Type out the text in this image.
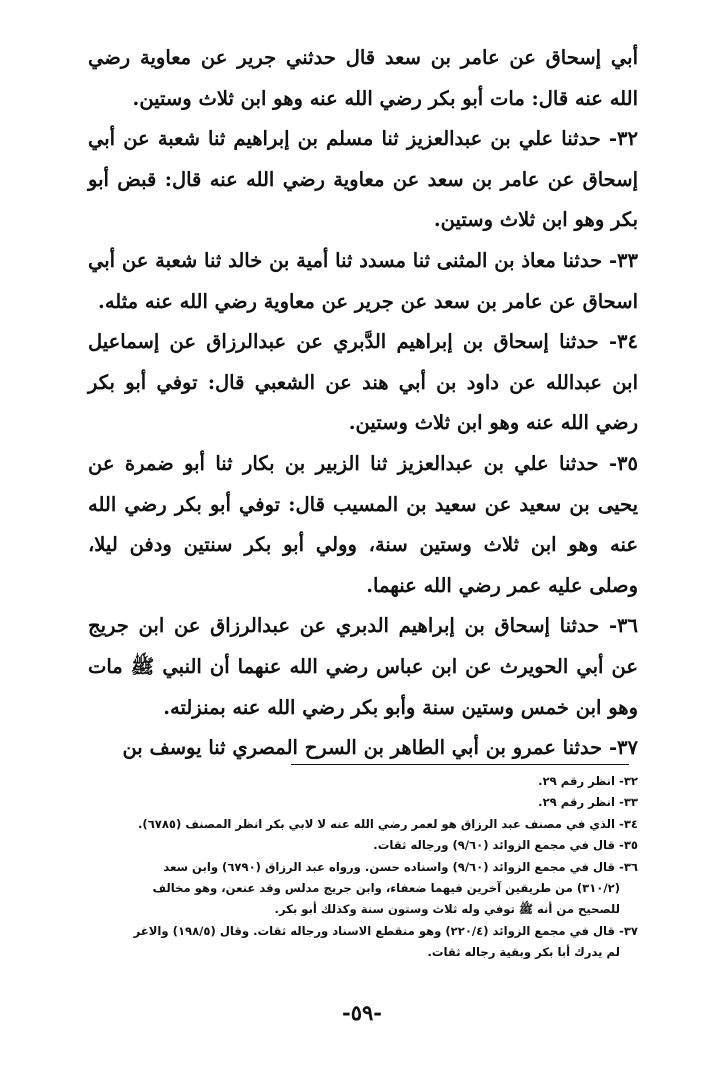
أبي إسحاق عن عامر بن سعد قال حدثني جرير عن معاوية رضي الله عنه قال: مات أبو بكر رضي الله عنه وهو ابن ثلاث وستين.

٣٢- حدثنا علي بن عبدالعزيز ثنا مسلم بن إبراهيم ثنا شعبة عن أبي إسحاق عن عامر بن سعد عن معاوية رضي الله عنه قال: قبض أبو بكر وهو ابن ثلاث وستين.

٣٣- حدثنا معاذ بن المثنى ثنا مسدد ثنا أمية بن خالد ثنا شعبة عن أبي اسحاق عن عامر بن سعد عن جرير عن معاوية رضي الله عنه مثله.

٣٤- حدثنا إسحاق بن إبراهيم الدَّبري عن عبدالرزاق عن إسماعيل ابن عبدالله عن داود بن أبي هند عن الشعبي قال: توفي أبو بكر رضي الله عنه وهو ابن ثلاث وستين.

٣٥- حدثنا علي بن عبدالعزيز ثنا الزبير بن بكار ثنا أبو ضمرة عن يحيى بن سعيد عن سعيد بن المسيب قال: توفي أبو بكر رضي الله عنه وهو ابن ثلاث وستين سنة، وولي أبو بكر سنتين ودفن ليلا، وصلى عليه عمر رضي الله عنهما.

٣٦- حدثنا إسحاق بن إبراهيم الدبري عن عبدالرزاق عن ابن جريج عن أبي الحويرث عن ابن عباس رضي الله عنهما أن النبي ﷺ مات وهو ابن خمس وستين سنة وأبو بكر رضي الله عنه بمنزلته.

٣٧- حدثنا عمرو بن أبي الطاهر بن السرح المصري ثنا يوسف بن

٣٢- انظر رقم ٢٩.

٣٣- انظر رقم ٢٩.

٣٤- الذي في مصنف عبد الرزاق هو لعمر رضي الله عنه لا لابي بكر انظر المصنف (٦٧٨٥).

٣٥- قال في مجمع الزوائد (٩/٦٠) ورجاله ثقات.

٣٦- قال في مجمع الزوائد (٩/٦٠) واسناده حسن. ورواه عبد الرزاق (٦٧٩٠) وابن سعد

(٣١٠/٢) من طريقين آخرين فيهما ضعفاء، وابن جريج مدلس وقد عنعن، وهو مخالف

للصحيح من أنه ﷺ توفي وله ثلاث وستون سنة وكذلك أبو بكر.

٣٧- قال في مجمع الزوائد (٢٢٠/٤) وهو منقطع الاسناد ورجاله ثقات. وقال (١٩٨/٥) والاغر

لم يدرك أبا بكر وبقية رجاله ثقات.

-٥٩-
